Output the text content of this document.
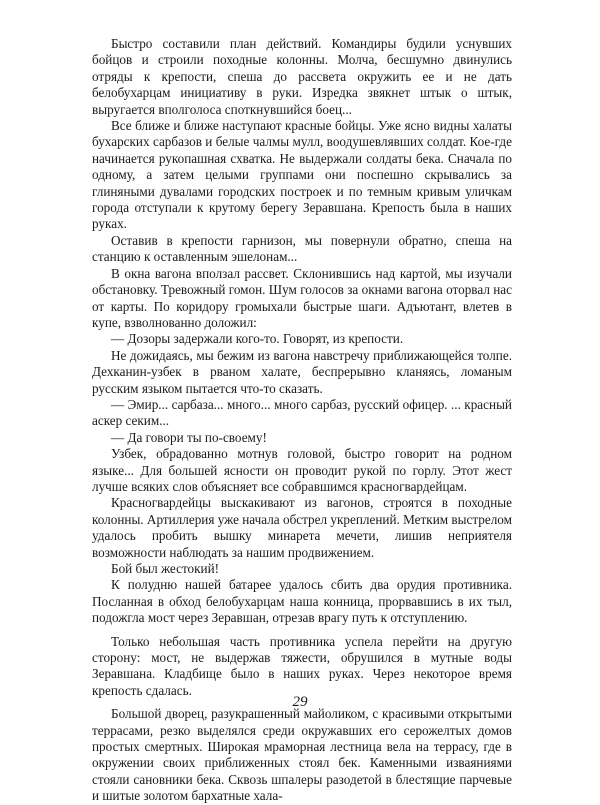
Быстро составили план действий. Командиры будили уснувших бойцов и строили походные колонны. Молча, бесшумно двинулись отряды к крепости, спеша до рассвета окружить ее и не дать белобухарцам инициативу в руки. Изредка звякнет штык о штык, выругается вполголоса споткнувшийся боец...

Все ближе и ближе наступают красные бойцы. Уже ясно видны халаты бухарских сарбазов и белые чалмы мулл, воодушевлявших солдат. Кое-где начинается рукопашная схватка. Не выдержали солдаты бека. Сначала по одному, а затем целыми группами они поспешно скрывались за глиняными дувалами городских построек и по темным кривым уличкам города отступали к крутому берегу Зеравшана. Крепость была в наших руках.

Оставив в крепости гарнизон, мы повернули обратно, спеша на станцию к оставленным эшелонам...

В окна вагона вползал рассвет. Склонившись над картой, мы изучали обстановку. Тревожный гомон. Шум голосов за окнами вагона оторвал нас от карты. По коридору громыхали быстрые шаги. Адъютант, влетев в купе, взволнованно доложил:

— Дозоры задержали кого-то. Говорят, из крепости.

Не дожидаясь, мы бежим из вагона навстречу приближающейся толпе. Дехканин-узбек в рваном халате, беспрерывно кланяясь, ломаным русским языком пытается что-то сказать.

— Эмир... сарбаза... много... много сарбаз, русский офицер. ... красный аскер секим...

— Да говори ты по-своему!

Узбек, обрадованно мотнув головой, быстро говорит на родном языке... Для большей ясности он проводит рукой по горлу. Этот жест лучше всяких слов объясняет все собравшимся красногвардейцам.

Красногвардейцы выскакивают из вагонов, строятся в походные колонны. Артиллерия уже начала обстрел укреплений. Метким выстрелом удалось пробить вышку минарета мечети, лишив неприятеля возможности наблюдать за нашим продвижением.

Бой был жестокий!

К полудню нашей батарее удалось сбить два орудия противника. Посланная в обход белобухарцам наша конница, прорвавшись в их тыл, подожгла мост через Зеравшан, отрезав врагу путь к отступлению.

Только небольшая часть противника успела перейти на другую сторону: мост, не выдержав тяжести, обрушился в мутные воды Зеравшана. Кладбище было в наших руках. Через некоторое время крепость сдалась.

Большой дворец, разукрашенный майоликом, с красивыми открытыми террасами, резко выделялся среди окружавших его серожелтых домов простых смертных. Широкая мраморная лестница вела на террасу, где в окружении своих приближенных стоял бек. Каменными изваяниями стояли сановники бека. Сквозь шпалеры разодетой в блестящие парчевые и шитые золотом бархатные хала-

29
